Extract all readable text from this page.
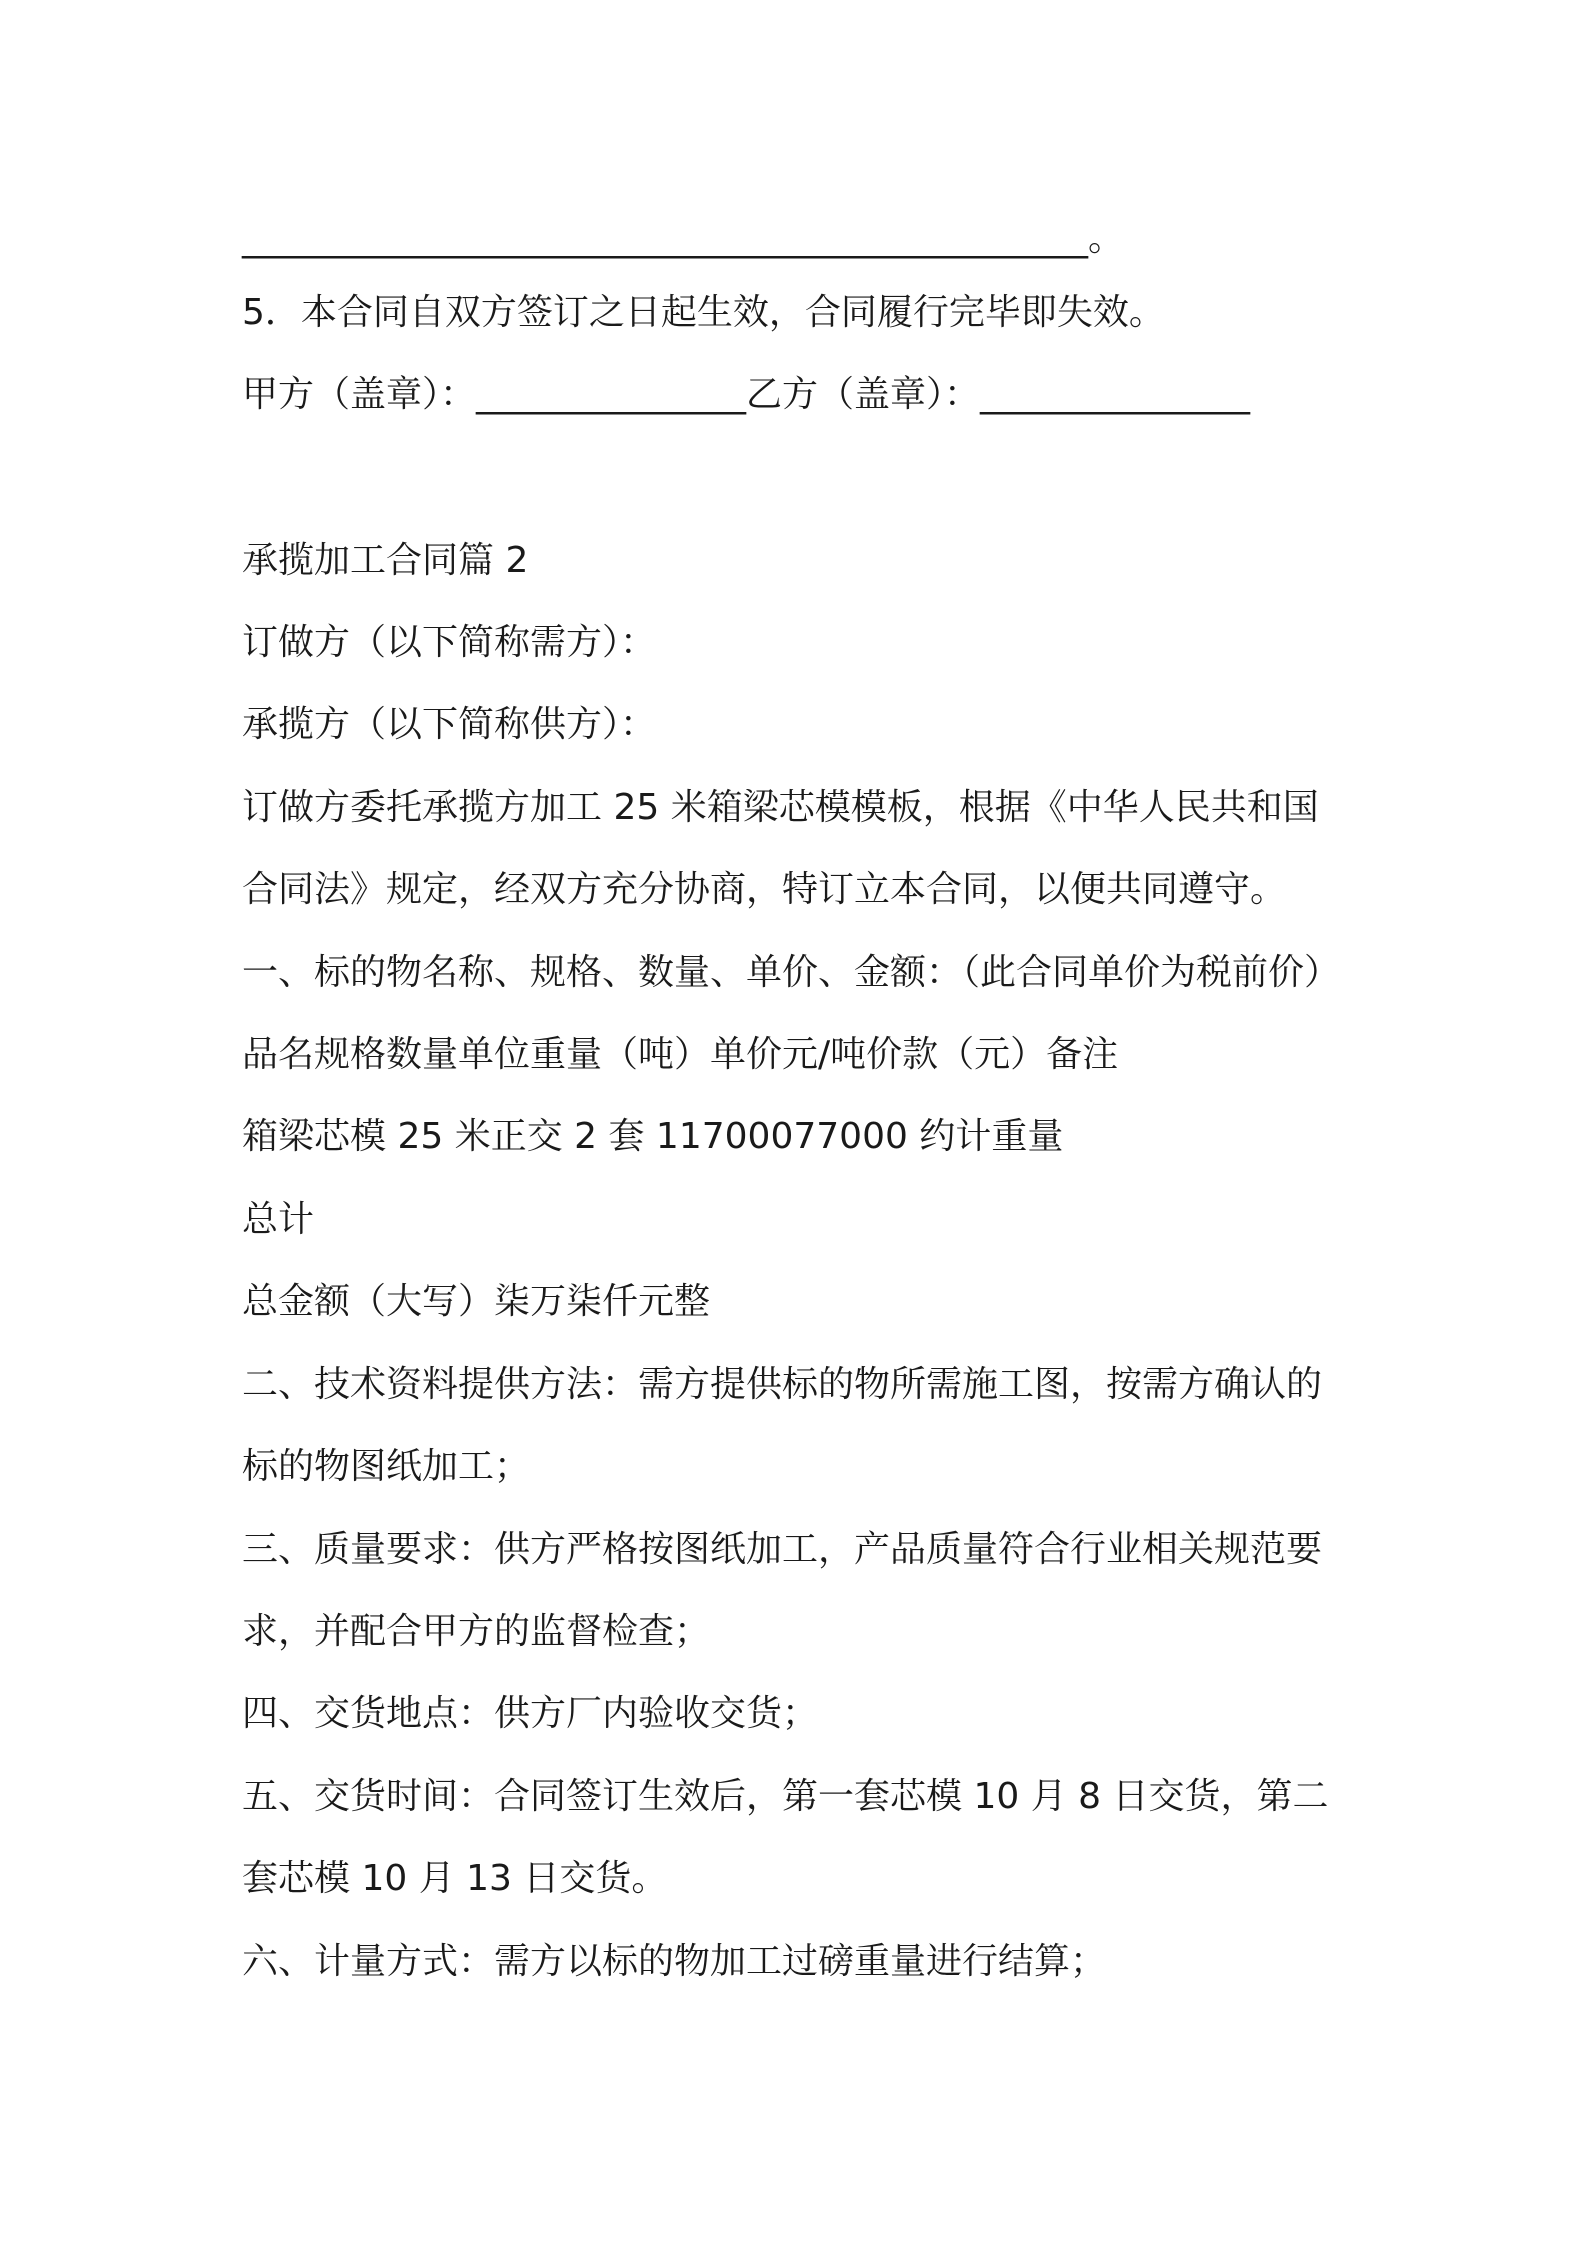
_______________________________________________。
5．本合同自双方签订之日起生效，合同履行完毕即失效。
甲方（盖章）：_______________乙方（盖章）：_______________
承揽加工合同篇 2
订做方（以下简称需方）：
承揽方（以下简称供方）：
订做方委托承揽方加工 25 米箱梁芯模模板，根据《中华人民共和国
合同法》规定，经双方充分协商，特订立本合同，以便共同遵守。
一、标的物名称、规格、数量、单价、金额：（此合同单价为税前价）
品名规格数量单位重量（吨）单价元/吨价款（元）备注
箱梁芯模 25 米正交 2 套 11700077000 约计重量
总计
总金额（大写）柒万柒仟元整
二、技术资料提供方法：需方提供标的物所需施工图，按需方确认的
标的物图纸加工；
三、质量要求：供方严格按图纸加工，产品质量符合行业相关规范要
求，并配合甲方的监督检查；
四、交货地点：供方厂内验收交货；
五、交货时间：合同签订生效后，第一套芯模 10 月 8 日交货，第二
套芯模 10 月 13 日交货。
六、计量方式：需方以标的物加工过磅重量进行结算；
